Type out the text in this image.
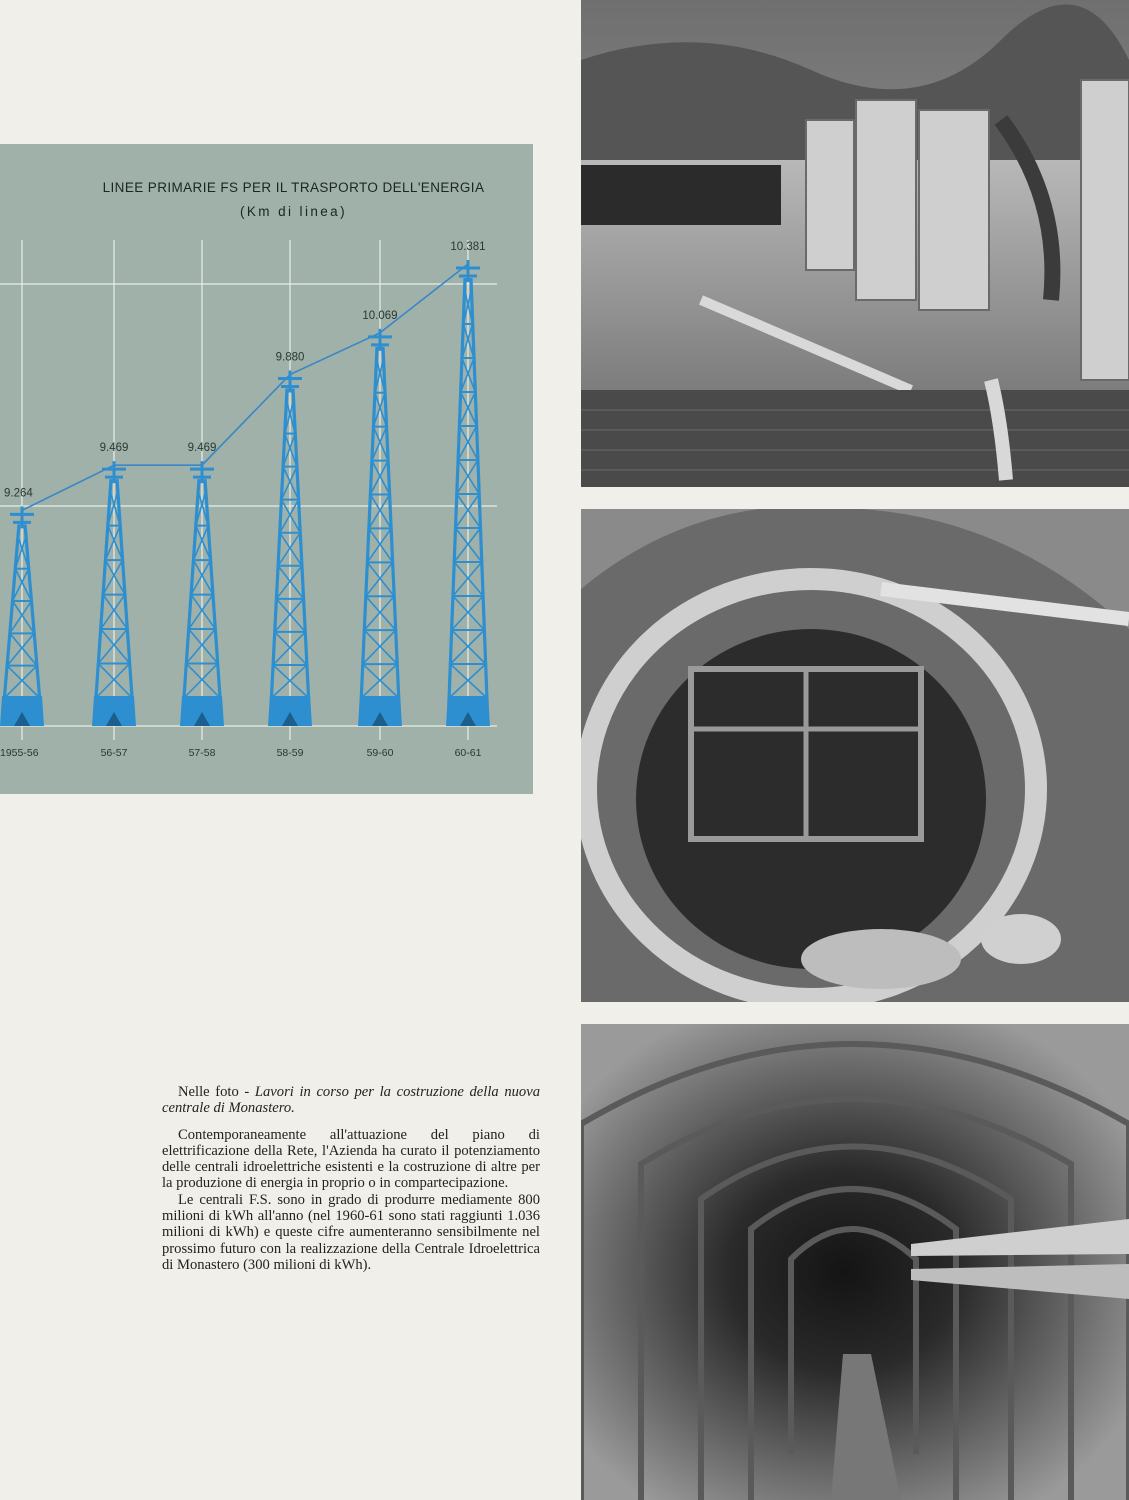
9.264
1955-56
9.469
56-57
9.469
57-58
9.880
58-59
10.069
59-60
10.381
60-61
LINEE PRIMARIE FS PER IL TRASPORTO DELL'ENERGIA
(Km di linea)

Nelle foto - Lavori in corso per la costruzione della nuova centrale di Monastero.

Contemporaneamente all'attuazione del piano di elettrificazione della Rete, l'Azienda ha curato il potenziamento delle centrali idroelettriche esistenti e la costruzione di altre per la produzione di energia in proprio o in compartecipazione.

Le centrali F.S. sono in grado di produrre mediamente 800 milioni di kWh all'anno (nel 1960-61 sono stati raggiunti 1.036 milioni di kWh) e queste cifre aumenteranno sensibilmente nel prossimo futuro con la realizzazione della Centrale Idroelettrica di Monastero (300 milioni di kWh).
